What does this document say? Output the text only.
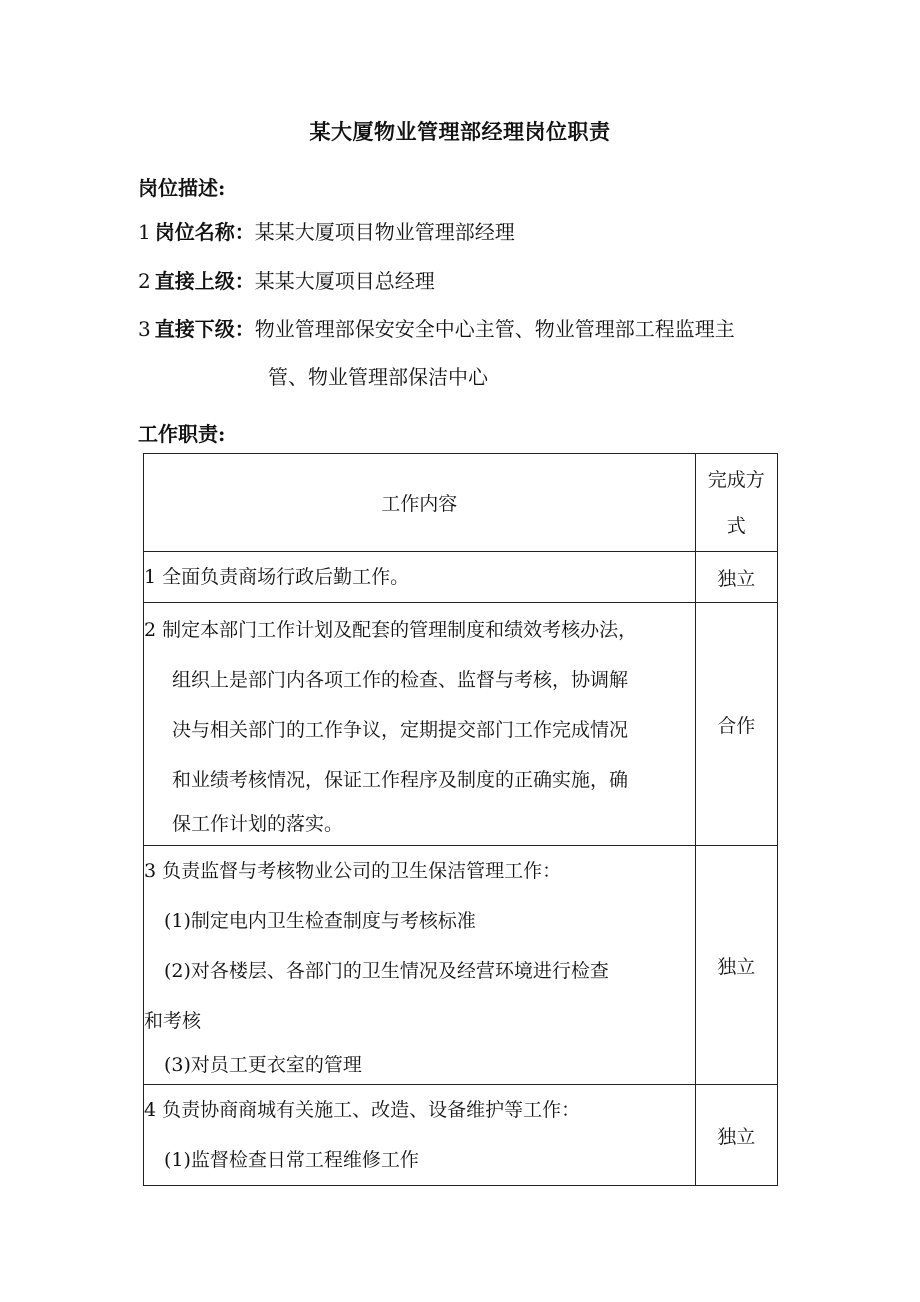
某大厦物业管理部经理岗位职责
岗位描述:
1 岗位名称：某某大厦项目物业管理部经理
2 直接上级：某某大厦项目总经理
3 直接下级：物业管理部保安安全中心主管、物业管理部工程监理主
管、物业管理部保洁中心
工作职责:
工作内容	完成方
式

1 全面负责商场行政后勤工作。	独立

2 制定本部门工作计划及配套的管理制度和绩效考核办法，
组织上是部门内各项工作的检查、监督与考核，协调解
决与相关部门的工作争议，定期提交部门工作完成情况
和业绩考核情况，保证工作程序及制度的正确实施，确
保工作计划的落实。	合作

3 负责监督与考核物业公司的卫生保洁管理工作：
(1)制定电内卫生检查制度与考核标准
(2)对各楼层、各部门的卫生情况及经营环境进行检查
和考核
(3)对员工更衣室的管理	独立

4 负责协商商城有关施工、改造、设备维护等工作：
(1)监督检查日常工程维修工作	独立
